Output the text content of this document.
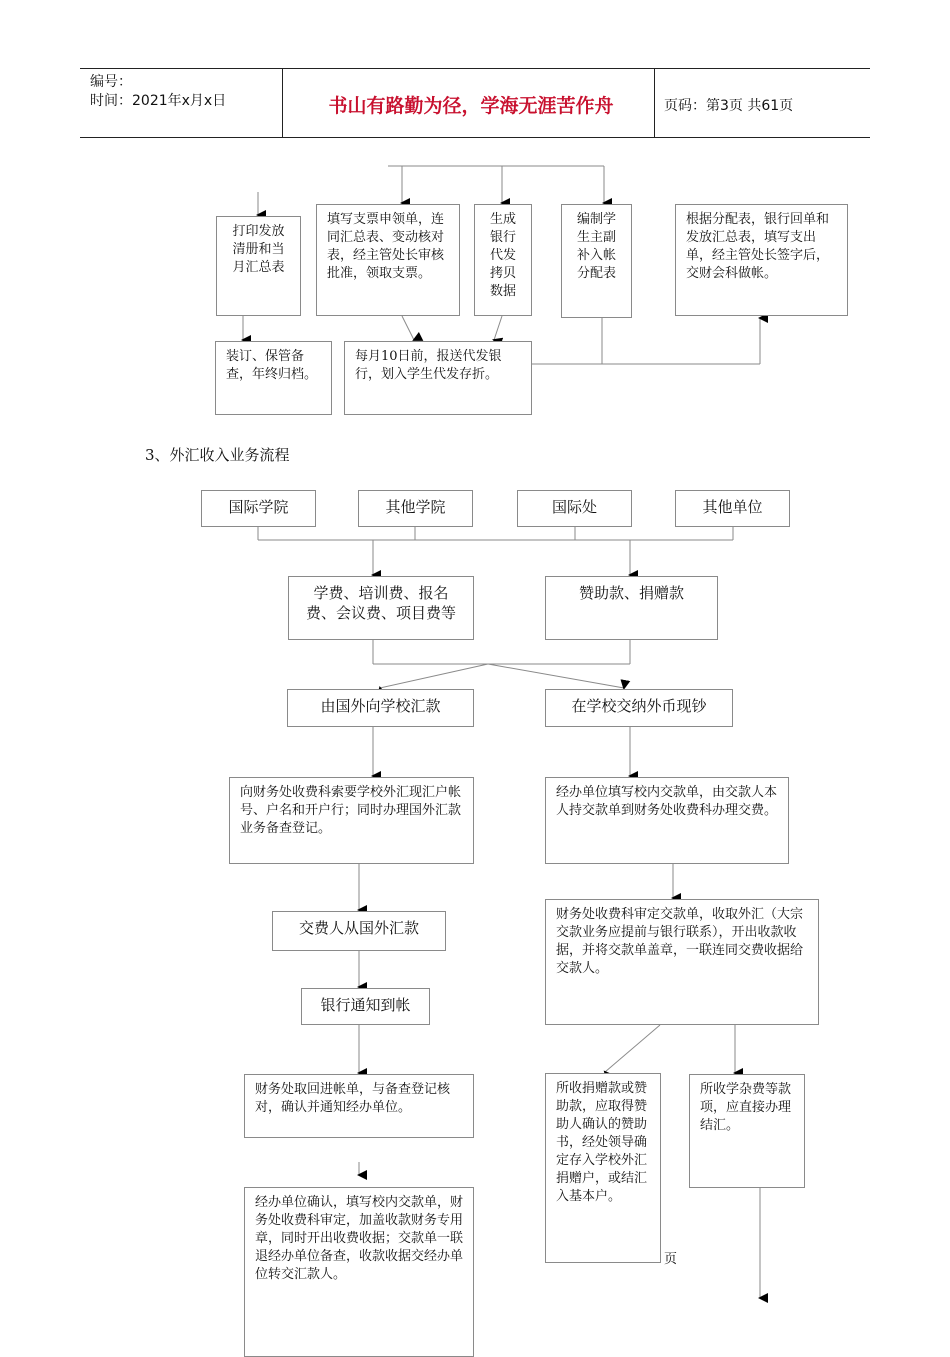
编号：
时间：2021年x月x日	书山有路勤为径，学海无涯苦作舟	页码：第3页 共61页
打印发放清册和当月汇总表
填写支票申领单，连同汇总表、变动核对表，经主管处长审核批准，领取支票。
生成银行代发拷贝数据
编制学生主副补入帐分配表
根据分配表，银行回单和发放汇总表，填写支出单，经主管处长签字后，交财会科做帐。
装订、保管备查，年终归档。
每月10日前，报送代发银行，划入学生代发存折。
3、外汇收入业务流程
国际学院	其他学院	国际处	其他单位
学费、培训费、报名费、会议费、项目费等
赞助款、捐赠款
由国外向学校汇款	在学校交纳外币现钞
向财务处收费科索要学校外汇现汇户帐号、户名和开户行；同时办理国外汇款业务备查登记。
经办单位填写校内交款单，由交款人本人持交款单到财务处收费科办理交费。
交费人从国外汇款
财务处收费科审定交款单，收取外汇（大宗交款业务应提前与银行联系），开出收款收据，并将交款单盖章，一联连同交费收据给交款人。
银行通知到帐
财务处取回进帐单，与备查登记核对，确认并通知经办单位。
所收捐赠款或赞助款，应取得赞助人确认的赞助书，经处领导确定存入学校外汇捐赠户，或结汇入基本户。
所收学杂费等款项，应直接办理结汇。
经办单位确认，填写校内交款单，财务处收费科审定，加盖收款财务专用章，同时开出收费收据；交款单一联退经办单位备查，收款收据交经办单位转交汇款人。
页
